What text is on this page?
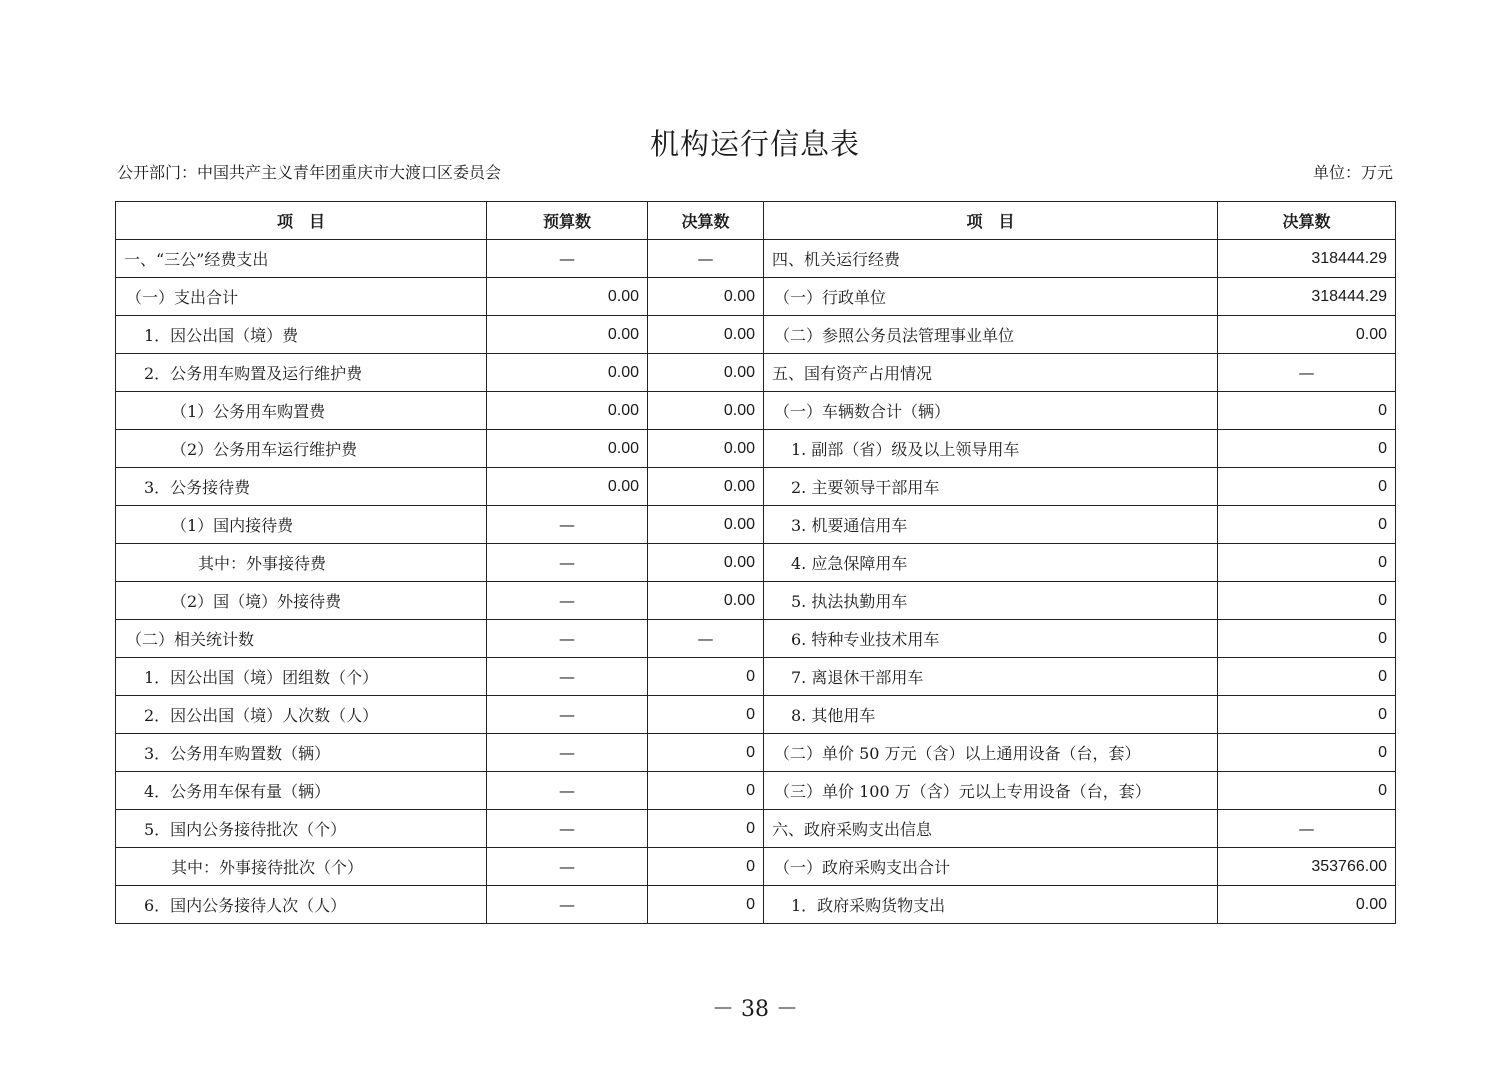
机构运行信息表
公开部门：中国共产主义青年团重庆市大渡口区委员会	单位：万元
项　目	预算数	决算数	项　目	决算数
一、“三公”经费支出	—	—	四、机关运行经费	318444.29
（一）支出合计	0.00	0.00	（一）行政单位	318444.29
1．因公出国（境）费	0.00	0.00	（二）参照公务员法管理事业单位	0.00
2．公务用车购置及运行维护费	0.00	0.00	五、国有资产占用情况	—
（1）公务用车购置费	0.00	0.00	（一）车辆数合计（辆）	0
（2）公务用车运行维护费	0.00	0.00	1. 副部（省）级及以上领导用车	0
3．公务接待费	0.00	0.00	2. 主要领导干部用车	0
（1）国内接待费	—	0.00	3. 机要通信用车	0
其中：外事接待费	—	0.00	4. 应急保障用车	0
（2）国（境）外接待费	—	0.00	5. 执法执勤用车	0
（二）相关统计数	—	—	6. 特种专业技术用车	0
1．因公出国（境）团组数（个）	—	0	7. 离退休干部用车	0
2．因公出国（境）人次数（人）	—	0	8. 其他用车	0
3．公务用车购置数（辆）	—	0	（二）单价 50 万元（含）以上通用设备（台，套）	0
4．公务用车保有量（辆）	—	0	（三）单价 100 万（含）元以上专用设备（台，套）	0
5．国内公务接待批次（个）	—	0	六、政府采购支出信息	—
其中：外事接待批次（个）	—	0	（一）政府采购支出合计	353766.00
6．国内公务接待人次（人）	—	0	1．政府采购货物支出	0.00
－ 38 －
